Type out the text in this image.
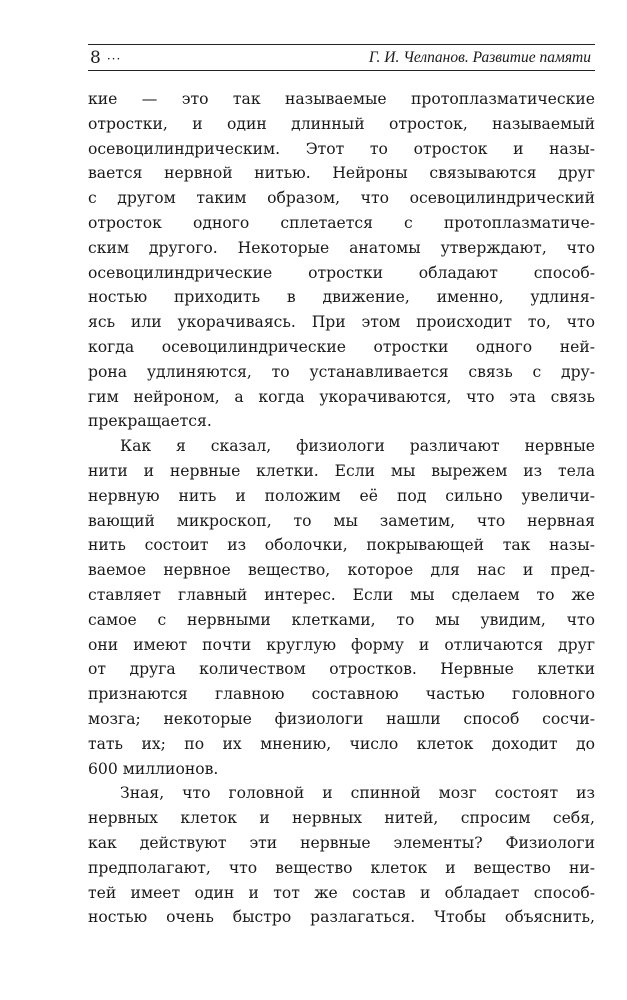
8 ···	Г. И. Челпанов. Развитие памяти
кие — это так называемые протоплазматические
отростки, и один длинный отросток, называемый
осевоцилиндрическим. Этот то отросток и назы-
вается нервной нитью. Нейроны связываются друг
с другом таким образом, что осевоцилиндрический
отросток одного сплетается с протоплазматиче-
ским другого. Некоторые анатомы утверждают, что
осевоцилиндрические отростки обладают способ-
ностью приходить в движение, именно, удлиня-
ясь или укорачиваясь. При этом происходит то, что
когда осевоцилиндрические отростки одного ней-
рона удлиняются, то устанавливается связь с дру-
гим нейроном, а когда укорачиваются, что эта связь
прекращается.
Как я сказал, физиологи различают нервные
нити и нервные клетки. Если мы вырежем из тела
нервную нить и положим её под сильно увеличи-
вающий микроскоп, то мы заметим, что нервная
нить состоит из оболочки, покрывающей так назы-
ваемое нервное вещество, которое для нас и пред-
ставляет главный интерес. Если мы сделаем то же
самое с нервными клетками, то мы увидим, что
они имеют почти круглую форму и отличаются друг
от друга количеством отростков. Нервные клетки
признаются главною составною частью головного
мозга; некоторые физиологи нашли способ сосчи-
тать их; по их мнению, число клеток доходит до
600 миллионов.
Зная, что головной и спинной мозг состоят из
нервных клеток и нервных нитей, спросим себя,
как действуют эти нервные элементы? Физиологи
предполагают, что вещество клеток и вещество ни-
тей имеет один и тот же состав и обладает способ-
ностью очень быстро разлагаться. Чтобы объяснить,
